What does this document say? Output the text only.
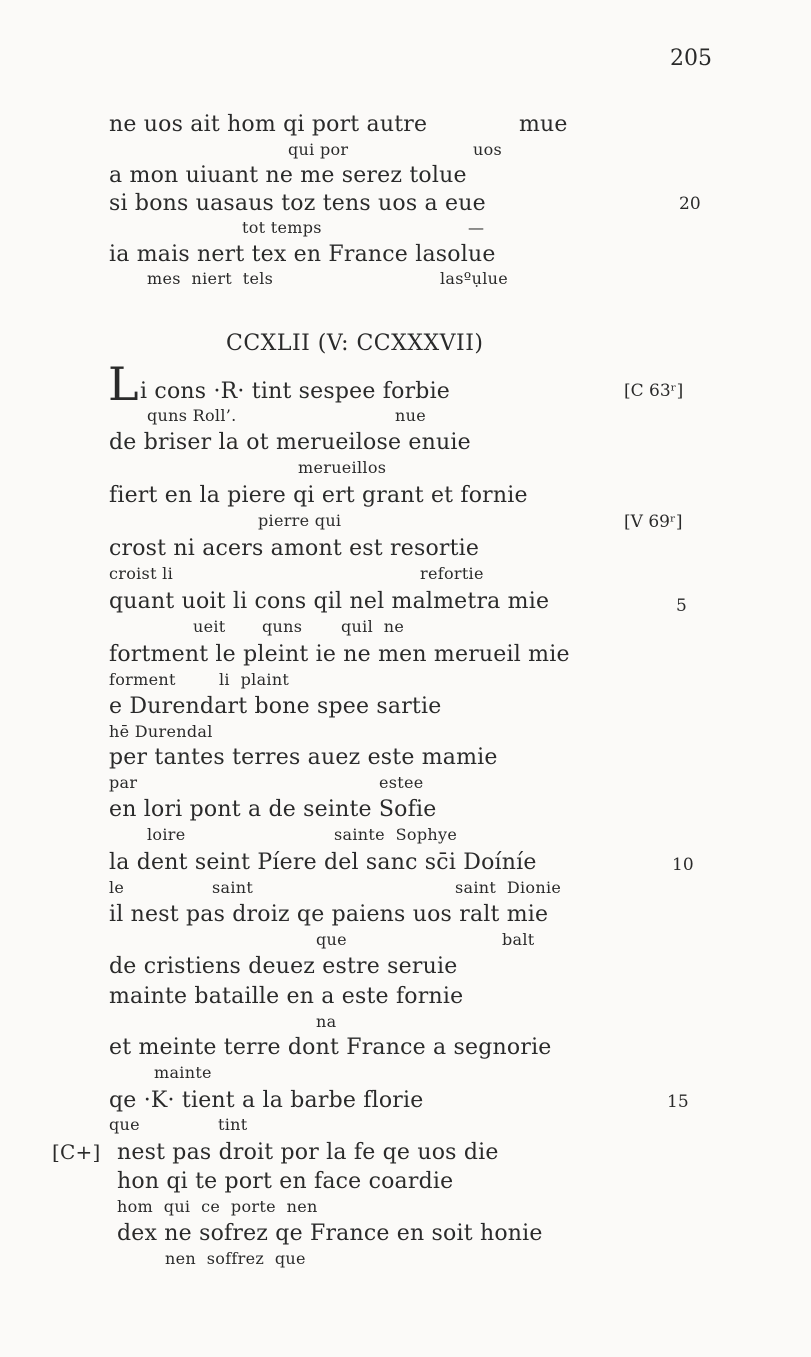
205
ne uos ait hom qi port autre	mue
qui por	uos
a mon uiuant ne me serez tolue
si bons uasaus toz tens uos a eue	20
tot temps	—
ia mais nert tex en France lasolue
mes  niert  tels	lasºụlue
CCXLII (V: CCXXXVII)
L i cons ·R· tint sespee forbie	[C 63ʳ]
quns Roll’.	nue
de briser la ot merueilose enuie
merueillos
fiert en la piere qi ert grant et fornie
pierre qui	[V 69ʳ]
crost ni acers amont est resortie
croist li	refortie
quant uoit li cons qil nel malmetra mie	5
ueit quns quil  ne
fortment le pleint ie ne men merueil mie
forment	li  plaint
e Durendart bone spee sartie
hē Durendal
per tantes terres auez este mamie
par	estee
en lori pont a de seinte Sofie
loire	sainte  Sophye
la dent seint Píere del sanc sc̄i Doíníe	10
le	saint	saint  Dionie
il nest pas droiz qe paiens uos ralt mie
que	balt
de cristiens deuez estre seruie
mainte bataille en a este fornie
na
et meinte terre dont France a segnorie
mainte
qe ·K· tient a la barbe florie	15
que	tint
[C+] nest pas droit por la fe qe uos die
hon qi te port en face coardie
hom  qui  ce  porte  nen
dex ne sofrez qe France en soit honie
nen  soffrez  que
